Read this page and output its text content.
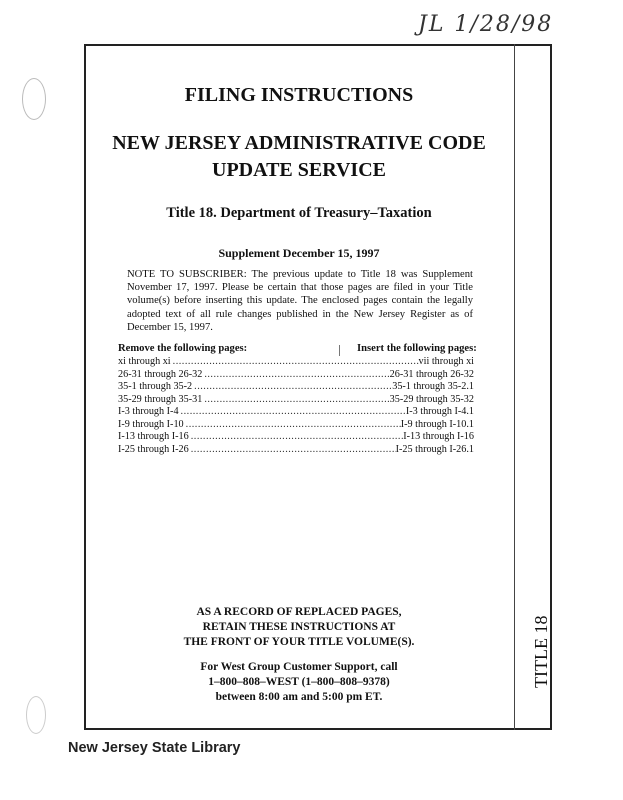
JL 1/28/98
TITLE 18
FILING INSTRUCTIONS
NEW JERSEY ADMINISTRATIVE CODE
UPDATE SERVICE
Title 18. Department of Treasury–Taxation
Supplement December 15, 1997
NOTE TO SUBSCRIBER: The previous update to Title 18 was Supplement November 17, 1997. Please be certain that those pages are filed in your Title volume(s) before inserting this update. The enclosed pages contain the legally adopted text of all rule changes published in the New Jersey Register as of December 15, 1997.
Remove the following pages:	Insert the following pages:
xi through xi .....	vii through xi
26-31 through 26-32 .....	26-31 through 26-32
35-1 through 35-2 .....	35-1 through 35-2.1
35-29 through 35-31 .....	35-29 through 35-32
I-3 through I-4 .....	I-3 through I-4.1
I-9 through I-10 .....	I-9 through I-10.1
I-13 through I-16 .....	I-13 through I-16
I-25 through I-26 .....	I-25 through I-26.1
AS A RECORD OF REPLACED PAGES,
RETAIN THESE INSTRUCTIONS AT
THE FRONT OF YOUR TITLE VOLUME(S).
For West Group Customer Support, call
1–800–808–WEST (1–800–808–9378)
between 8:00 am and 5:00 pm ET.
New Jersey State Library
